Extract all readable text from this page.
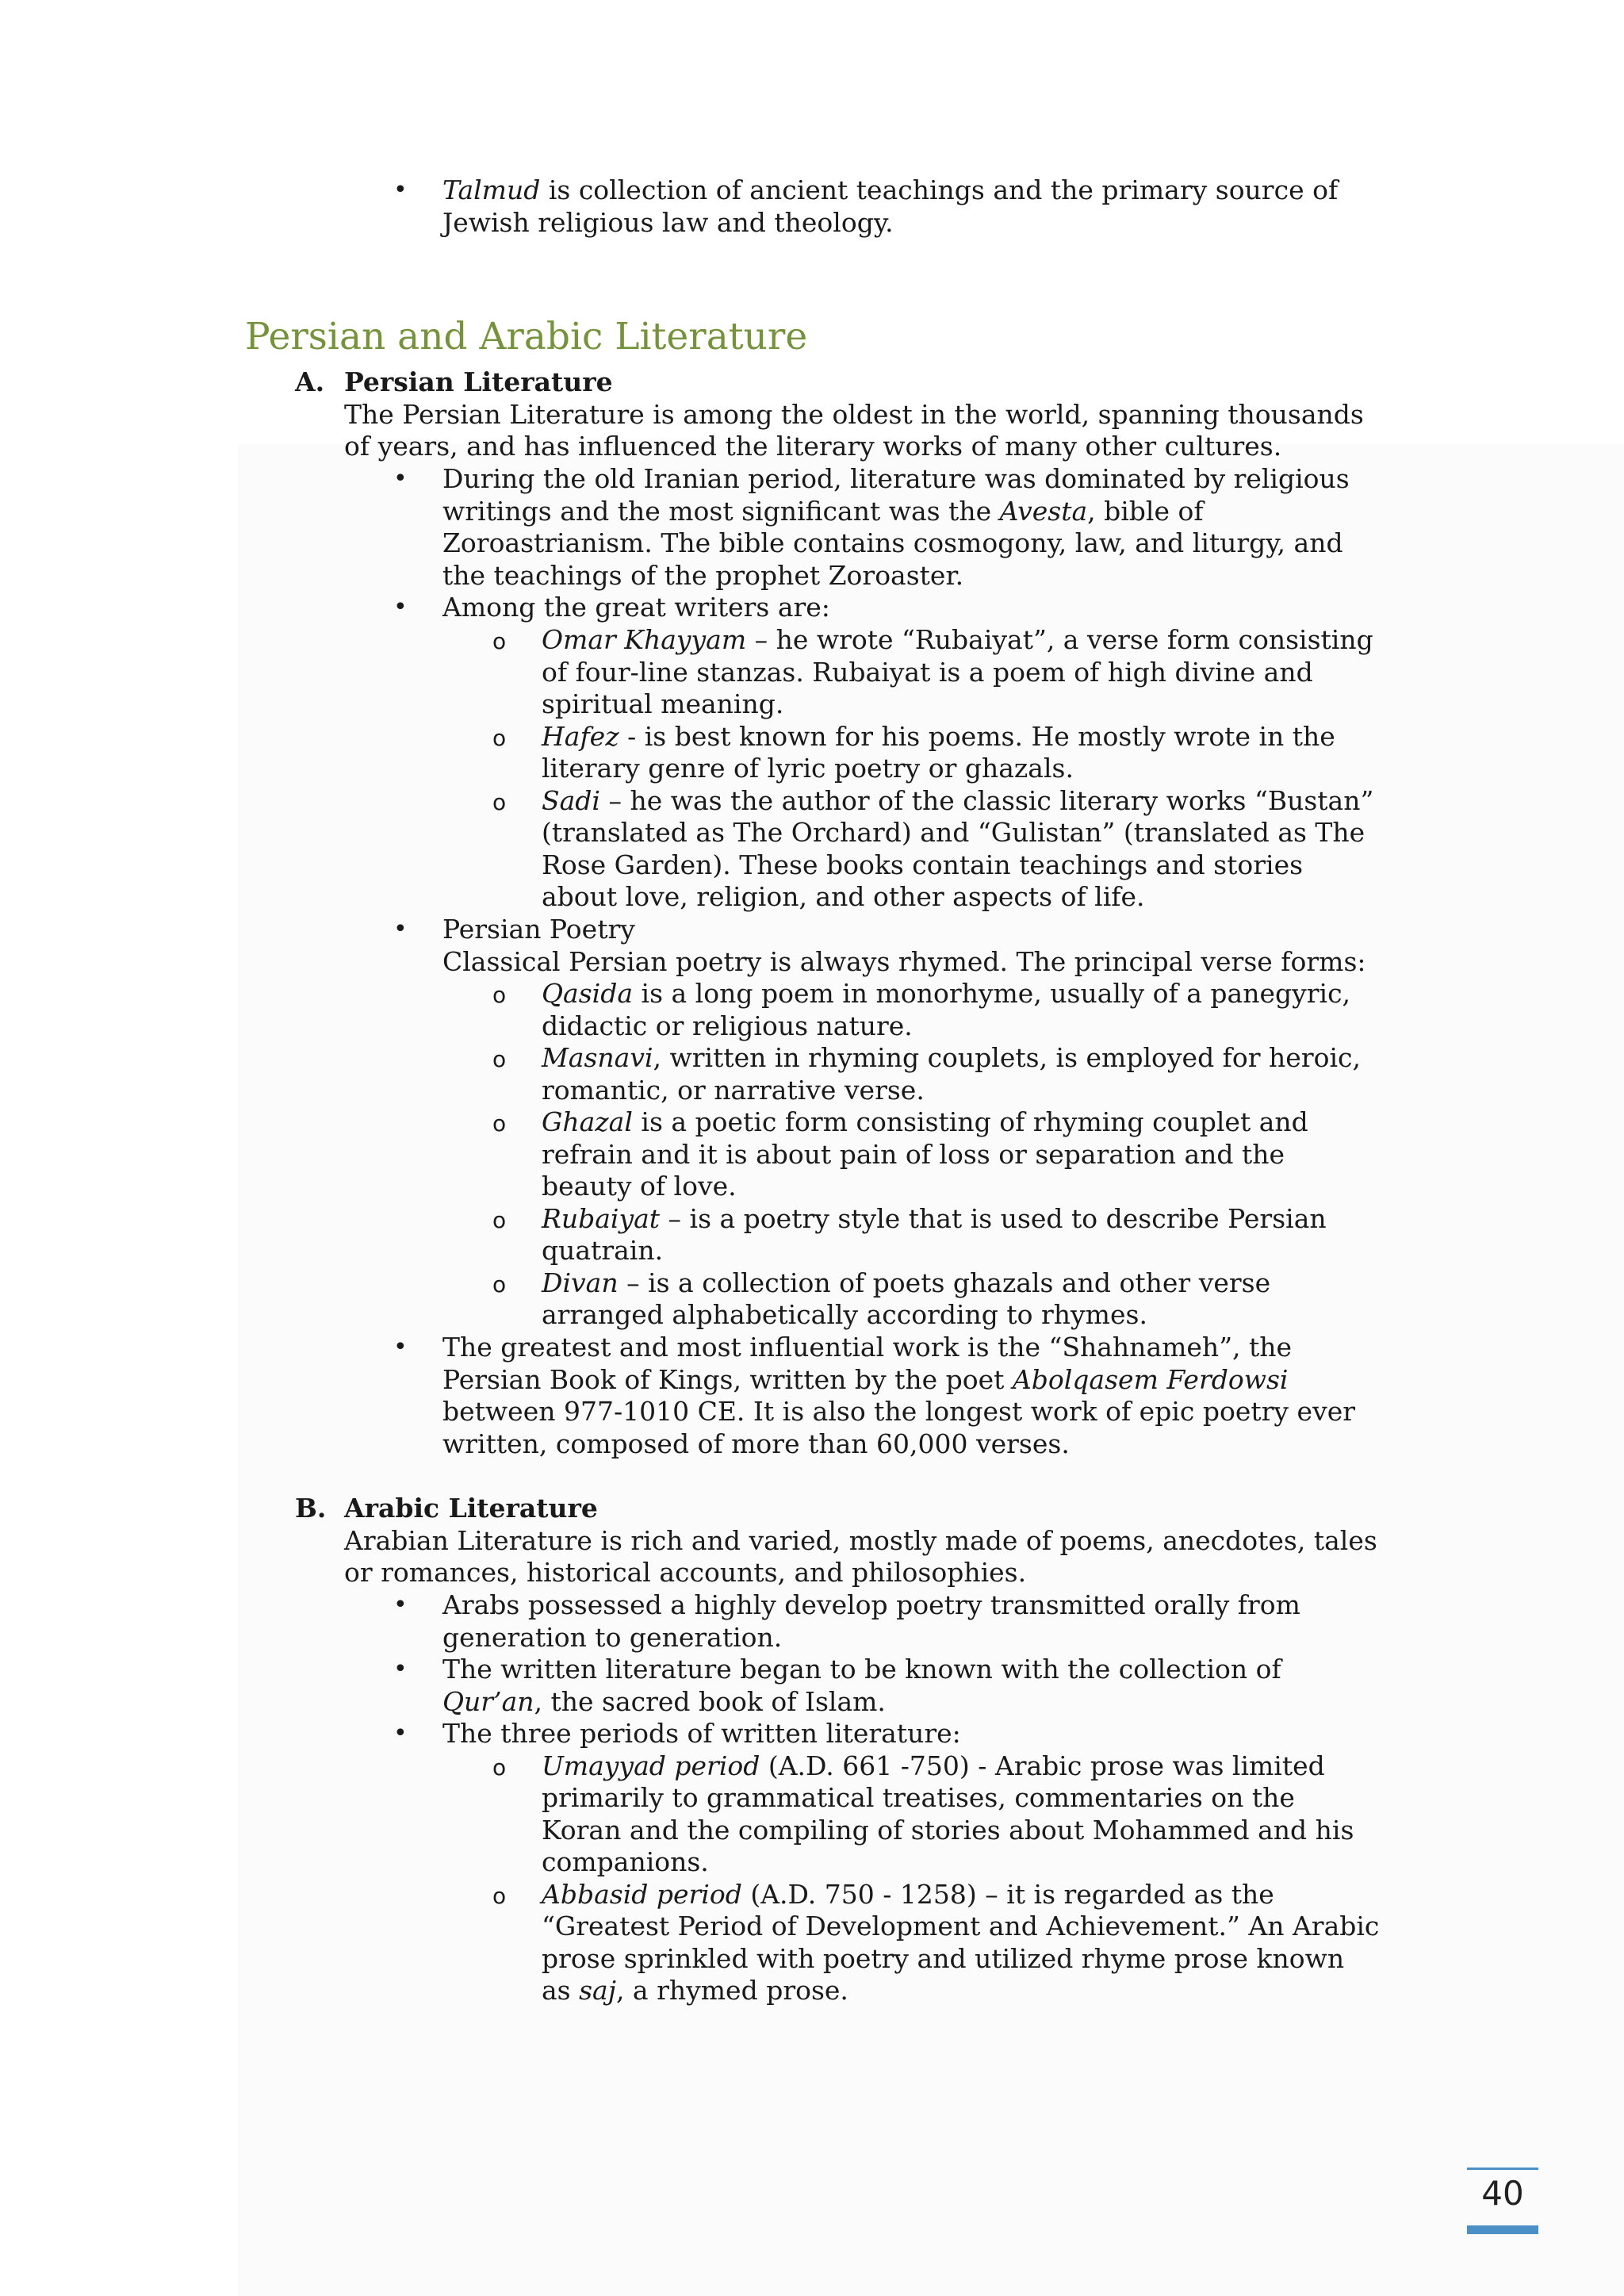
• Talmud is collection of ancient teachings and the primary source of
Jewish religious law and theology.
Persian and Arabic Literature
A. Persian Literature
The Persian Literature is among the oldest in the world, spanning thousands
of years, and has influenced the literary works of many other cultures.
• During the old Iranian period, literature was dominated by religious
writings and the most significant was the Avesta, bible of
Zoroastrianism. The bible contains cosmogony, law, and liturgy, and
the teachings of the prophet Zoroaster.
• Among the great writers are:
o Omar Khayyam – he wrote “Rubaiyat”, a verse form consisting
of four-line stanzas. Rubaiyat is a poem of high divine and
spiritual meaning.
o Hafez - is best known for his poems. He mostly wrote in the
literary genre of lyric poetry or ghazals.
o Sadi – he was the author of the classic literary works “Bustan”
(translated as The Orchard) and “Gulistan” (translated as The
Rose Garden). These books contain teachings and stories
about love, religion, and other aspects of life.
• Persian Poetry
Classical Persian poetry is always rhymed. The principal verse forms:
o Qasida is a long poem in monorhyme, usually of a panegyric,
didactic or religious nature.
o Masnavi, written in rhyming couplets, is employed for heroic,
romantic, or narrative verse.
o Ghazal is a poetic form consisting of rhyming couplet and
refrain and it is about pain of loss or separation and the
beauty of love.
o Rubaiyat – is a poetry style that is used to describe Persian
quatrain.
o Divan – is a collection of poets ghazals and other verse
arranged alphabetically according to rhymes.
• The greatest and most influential work is the “Shahnameh”, the
Persian Book of Kings, written by the poet Abolqasem Ferdowsi
between 977-1010 CE. It is also the longest work of epic poetry ever
written, composed of more than 60,000 verses.
B. Arabic Literature
Arabian Literature is rich and varied, mostly made of poems, anecdotes, tales
or romances, historical accounts, and philosophies.
• Arabs possessed a highly develop poetry transmitted orally from
generation to generation.
• The written literature began to be known with the collection of
Qur’an, the sacred book of Islam.
• The three periods of written literature:
o Umayyad period (A.D. 661 -750) - Arabic prose was limited
primarily to grammatical treatises, commentaries on the
Koran and the compiling of stories about Mohammed and his
companions.
o Abbasid period (A.D. 750 - 1258) – it is regarded as the
“Greatest Period of Development and Achievement.” An Arabic
prose sprinkled with poetry and utilized rhyme prose known
as saj, a rhymed prose.
40
